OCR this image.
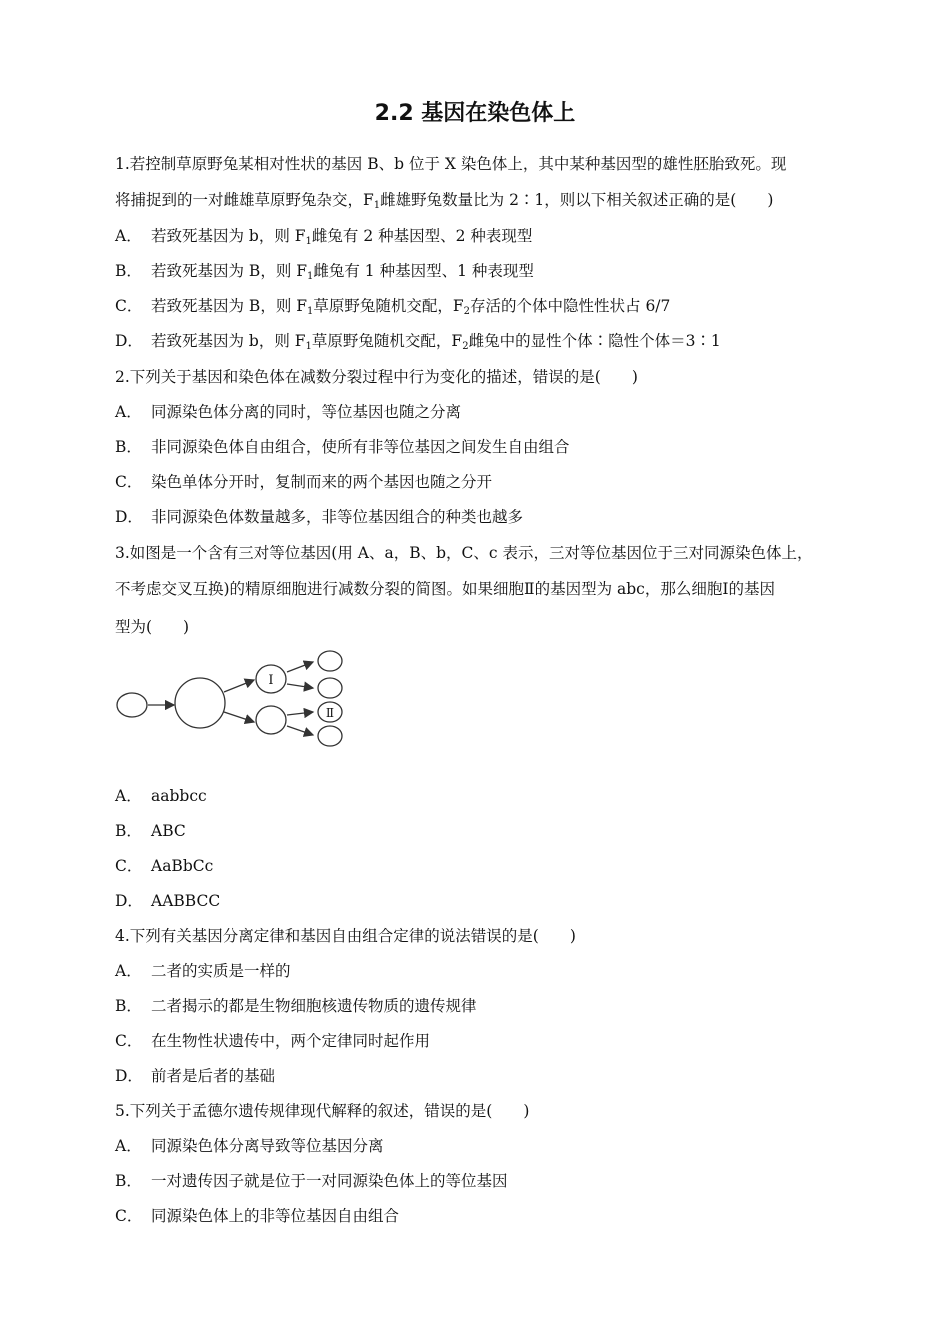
2.2 基因在染色体上
1.若控制草原野兔某相对性状的基因 B、b 位于 X 染色体上，其中某种基因型的雄性胚胎致死。现
将捕捉到的一对雌雄草原野兔杂交，$F_1$雌雄野兔数量比为 2∶1，则以下相关叙述正确的是(　　)
A． 若致死基因为 b，则 $F_1$雌兔有 2 种基因型、2 种表现型
B． 若致死基因为 B，则 $F_1$雌兔有 1 种基因型、1 种表现型
C． 若致死基因为 B，则 $F_1$草原野兔随机交配，$F_2$存活的个体中隐性性状占 6/7
D． 若致死基因为 b，则 $F_1$草原野兔随机交配，$F_2$雌兔中的显性个体∶隐性个体＝3∶1
2.下列关于基因和染色体在减数分裂过程中行为变化的描述，错误的是(　　)
A． 同源染色体分离的同时，等位基因也随之分离
B． 非同源染色体自由组合，使所有非等位基因之间发生自由组合
C． 染色单体分开时，复制而来的两个基因也随之分开
D． 非同源染色体数量越多，非等位基因组合的种类也越多
3.如图是一个含有三对等位基因(用 A、a，B、b，C、c 表示，三对等位基因位于三对同源染色体上，
不考虑交叉互换)的精原细胞进行减数分裂的简图。如果细胞Ⅱ的基因型为 abc，那么细胞Ⅰ的基因
型为(　　)
Ⅰ
Ⅱ
A． aabbcc
B． ABC
C． AaBbCc
D． AABBCC
4.下列有关基因分离定律和基因自由组合定律的说法错误的是(　　)
A． 二者的实质是一样的
B． 二者揭示的都是生物细胞核遗传物质的遗传规律
C． 在生物性状遗传中，两个定律同时起作用
D． 前者是后者的基础
5.下列关于孟德尔遗传规律现代解释的叙述，错误的是(　　)
A． 同源染色体分离导致等位基因分离
B． 一对遗传因子就是位于一对同源染色体上的等位基因
C． 同源染色体上的非等位基因自由组合
